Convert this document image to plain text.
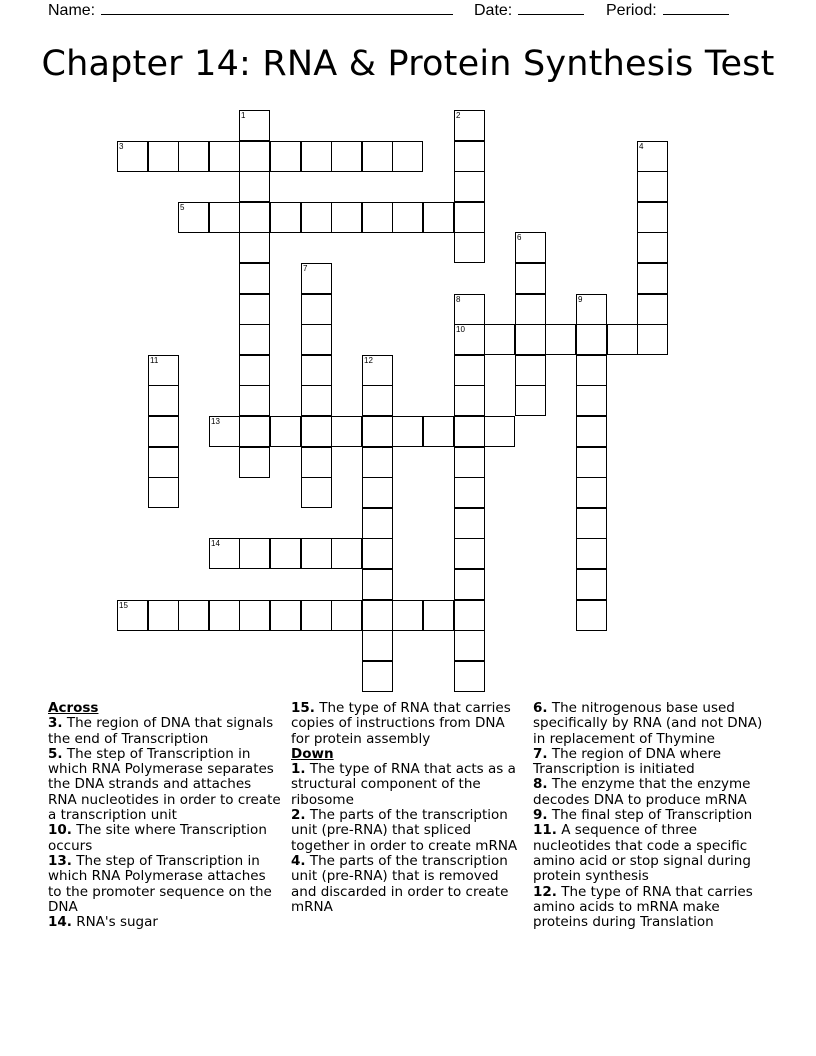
Name:	Date:	Period:
Chapter 14: RNA & Protein Synthesis Test
1	2
3	4
5
6
7
8	9
10
11	12
13
14
15
Across
3. The region of DNA that signals the end of Transcription
5. The step of Transcription in which RNA Polymerase separates the DNA strands and attaches RNA nucleotides in order to create a transcription unit
10. The site where Transcription occurs
13. The step of Transcription in which RNA Polymerase attaches to the promoter sequence on the DNA
14. RNA's sugar
15. The type of RNA that carries copies of instructions from DNA for protein assembly
Down
1. The type of RNA that acts as a structural component of the ribosome
2. The parts of the transcription unit (pre-RNA) that spliced together in order to create mRNA
4. The parts of the transcription unit (pre-RNA) that is removed and discarded in order to create mRNA
6. The nitrogenous base used specifically by RNA (and not DNA) in replacement of Thymine
7. The region of DNA where Transcription is initiated
8. The enzyme that the enzyme decodes DNA to produce mRNA
9. The final step of Transcription
11. A sequence of three nucleotides that code a specific amino acid or stop signal during protein synthesis
12. The type of RNA that carries amino acids to mRNA make proteins during Translation
